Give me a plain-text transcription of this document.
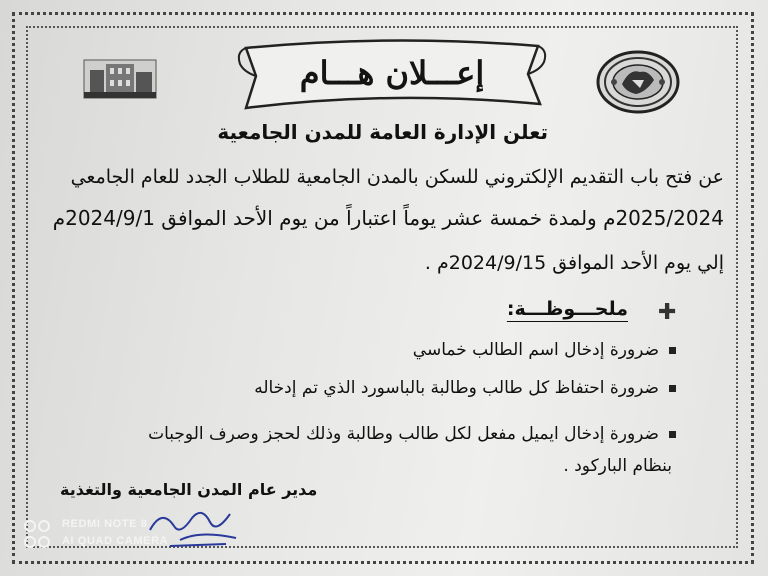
إعـــلان هـــام
تعلن الإدارة العامة للمدن الجامعية
عن فتح باب التقديم الإلكتروني للسكن بالمدن الجامعية للطلاب الجدد للعام الجامعي
2025/2024م ولمدة خمسة عشر يوماً اعتباراً من يوم الأحد الموافق 2024/9/1م
إلي يوم الأحد الموافق 2024/9/15م .
ملحـــوظـــة: ✚
ضرورة إدخال اسم الطالب خماسي
ضرورة احتفاظ كل طالب وطالبة بالباسورد الذي تم إدخاله
ضرورة إدخال ايميل مفعل لكل طالب وطالبة وذلك لحجز وصرف الوجبات
بنظام الباركود .
مدير عام المدن الجامعية والتغذية
REDMI NOTE 8
AI QUAD CAMERA
